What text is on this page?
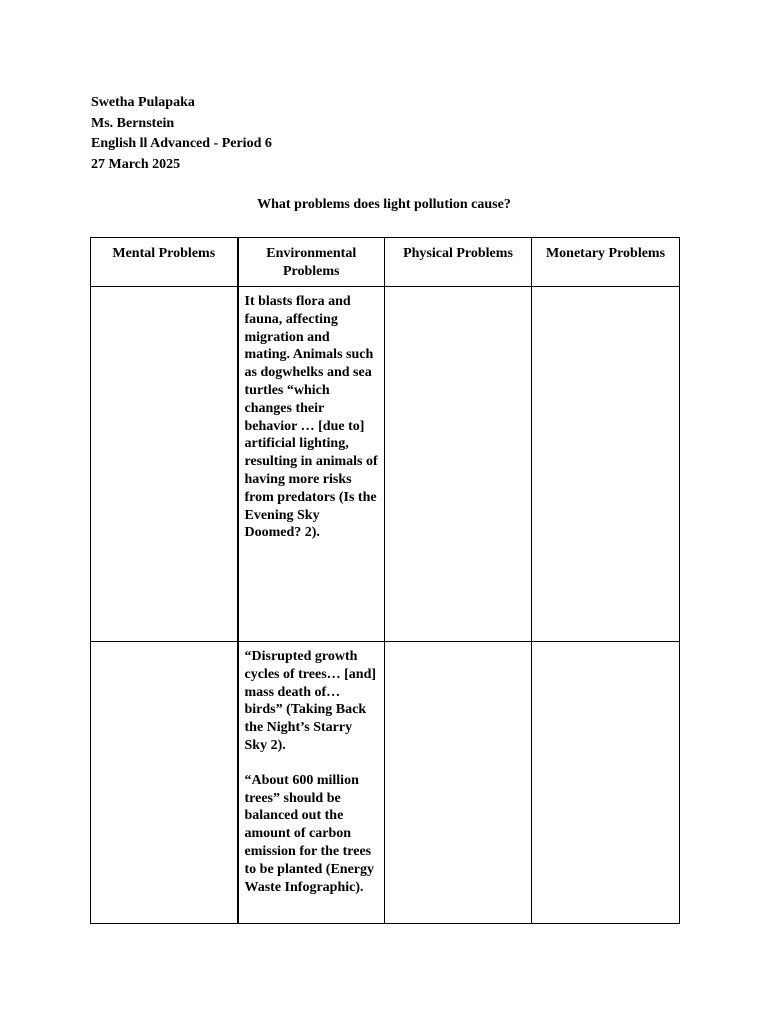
Swetha Pulapaka
Ms. Bernstein
English ll Advanced - Period 6
27 March 2025
What problems does light pollution cause?
Mental Problems	Environmental Problems	Physical Problems	Monetary Problems

	It blasts flora and fauna, affecting migration and mating. Animals such as dogwhelks and sea turtles “which changes their behavior … [due to] artificial lighting, resulting in animals of having more risks from predators (Is the Evening Sky Doomed? 2).		

	“Disrupted growth cycles of trees… [and] mass death of… birds” (Taking Back the Night’s Starry Sky 2).
“About 600 million trees” should be balanced out the amount of carbon emission for the trees to be planted (Energy Waste Infographic).		
